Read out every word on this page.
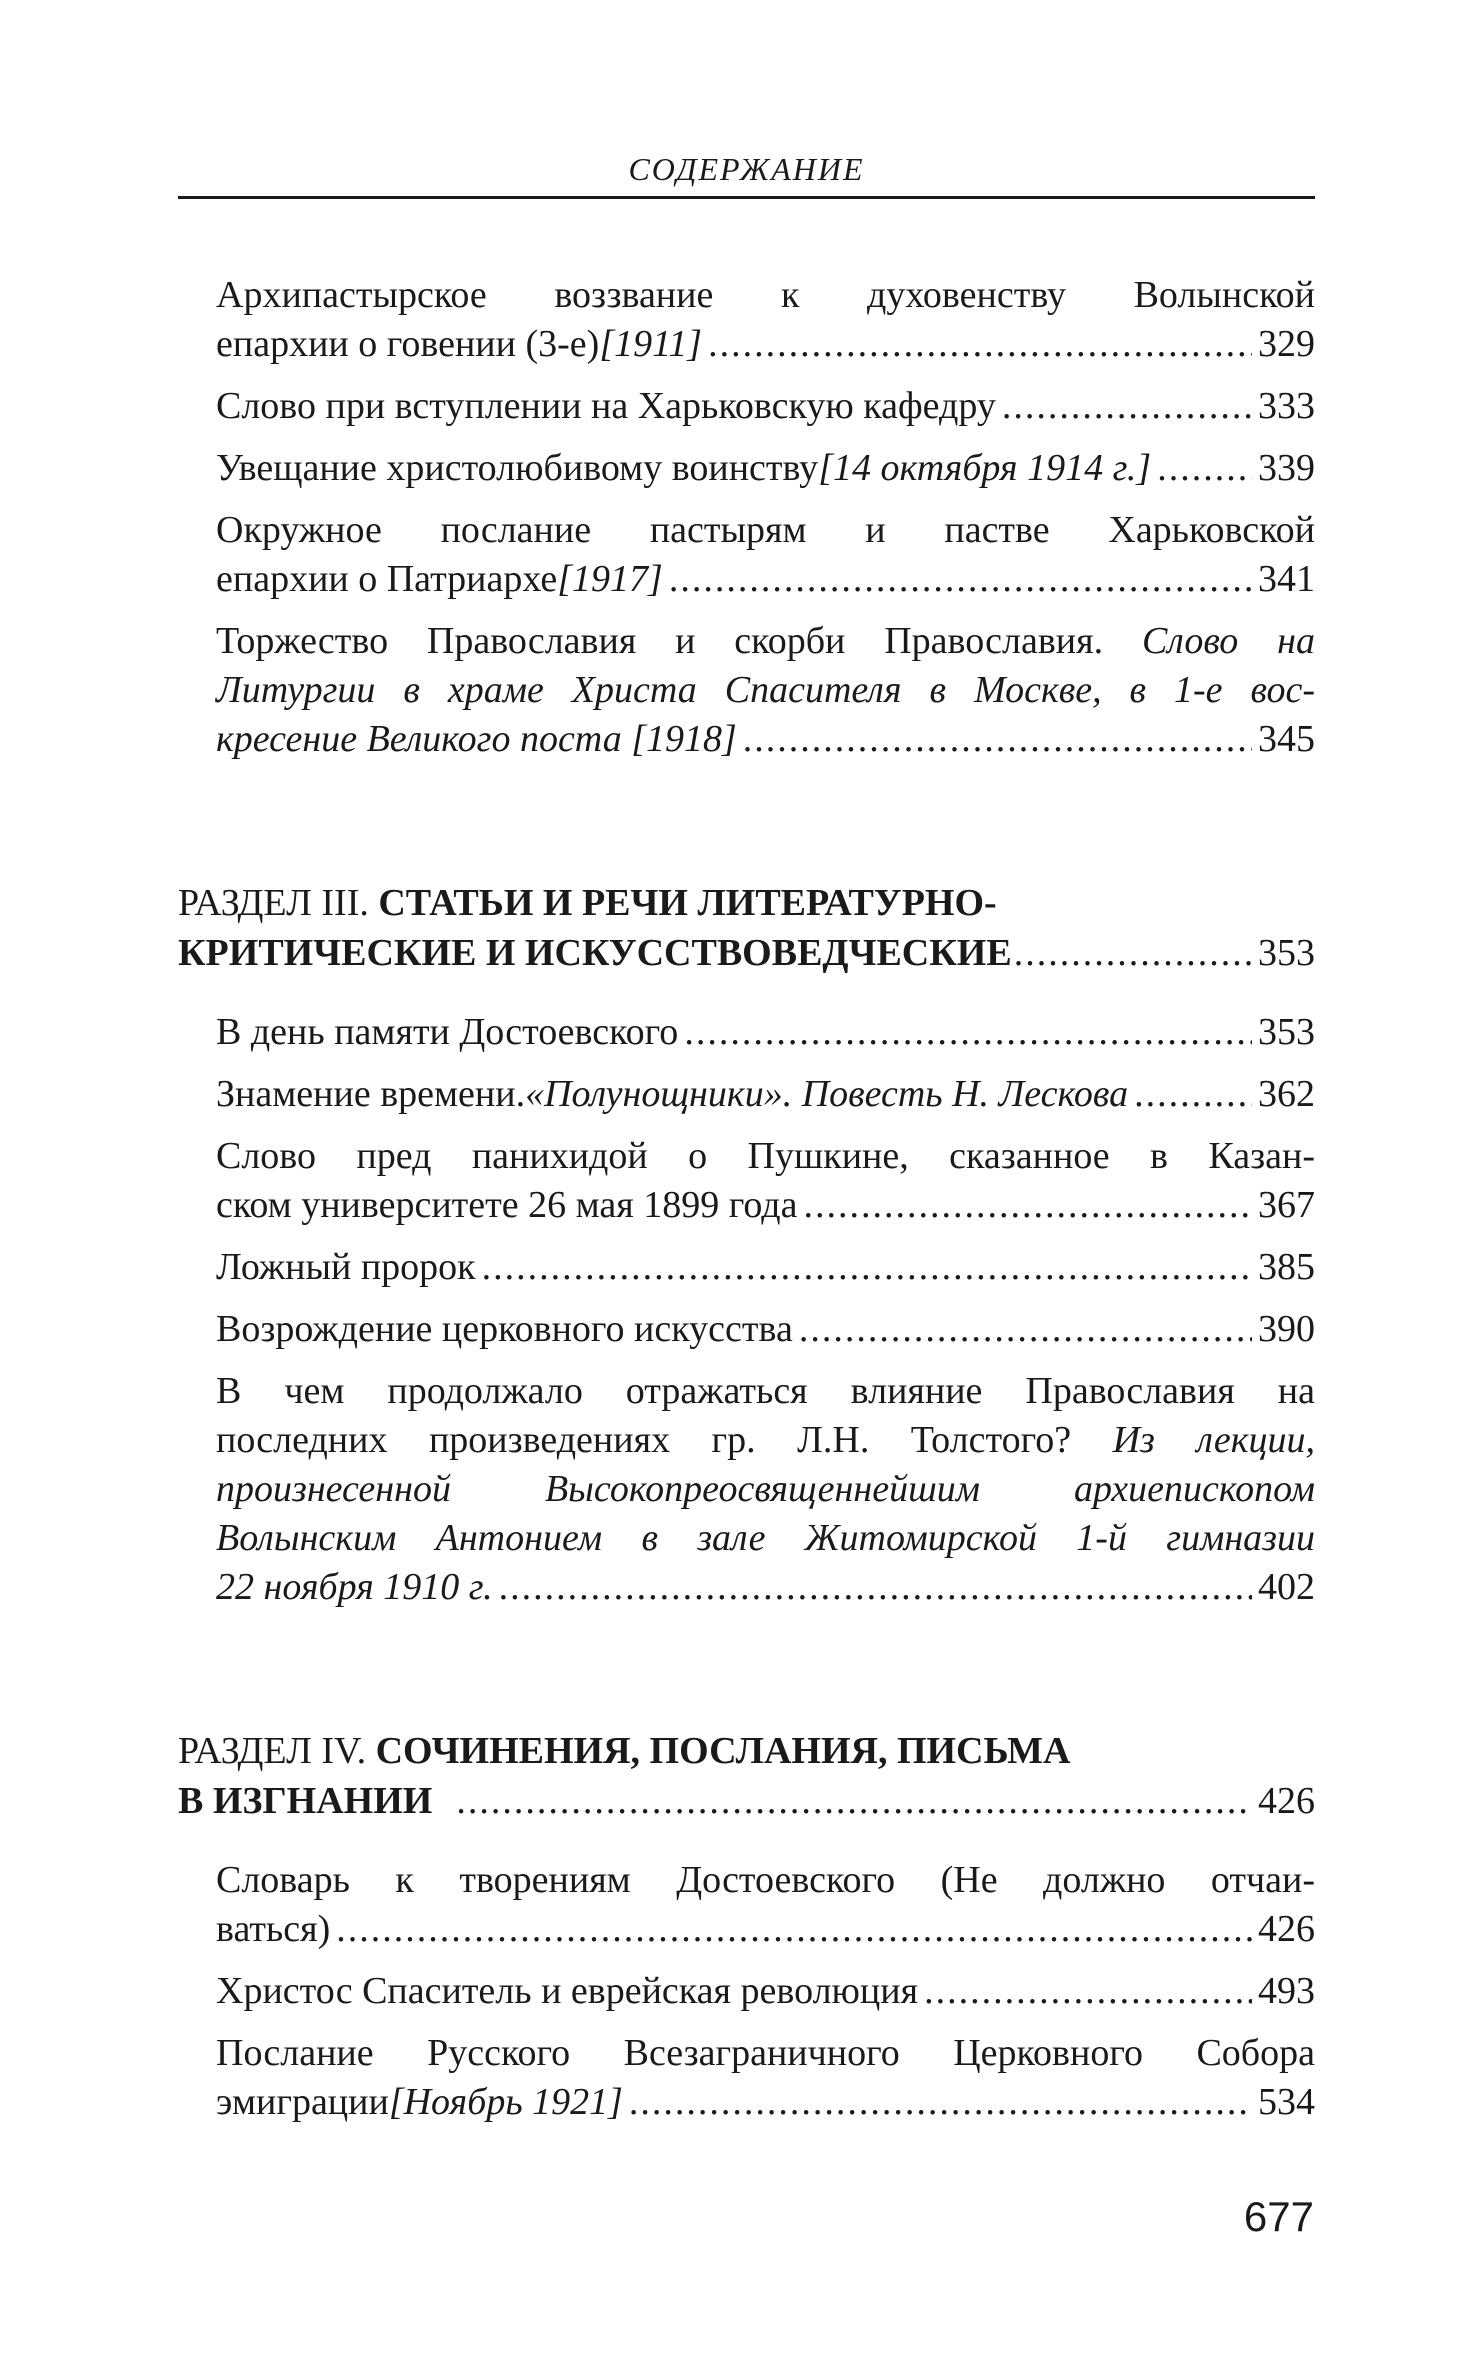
СОДЕРЖАНИЕ
Архипастырское воззвание к духовенству Волынской
епархии о говении (3-е) [1911] .....	329
Слово при вступлении на Харьковскую кафедру .....	333
Увещание христолюбивому воинству [14 октября 1914 г.] .....	339
Окружное послание пастырям и пастве Харьковской
епархии о Патриархе [1917] .....	341
Торжество Православия и скорби Православия. Слово на
Литургии в храме Христа Спасителя в Москве, в 1-е вос-
кресение Великого поста [1918] .....	345
РАЗДЕЛ III. СТАТЬИ И РЕЧИ ЛИТЕРАТУРНО-
КРИТИЧЕСКИЕ И ИСКУССТВОВЕДЧЕСКИЕ .....	353
В день памяти Достоевского .....	353
Знамение времени. «Полунощники». Повесть Н. Лескова .....	362
Слово пред панихидой о Пушкине, сказанное в Казан-
ском университете 26 мая 1899 года .....	367
Ложный пророк .....	385
Возрождение церковного искусства .....	390
В чем продолжало отражаться влияние Православия на
последних произведениях гр. Л.Н. Толстого? Из лекции,
произнесенной Высокопреосвященнейшим архиепископом
Волынским Антонием в зале Житомирской 1-й гимназии
22 ноября 1910 г. .....	402
РАЗДЕЛ IV. СОЧИНЕНИЯ, ПОСЛАНИЯ, ПИСЬМА
В ИЗГНАНИИ .....	426
Словарь к творениям Достоевского (Не должно отчаи-
ваться) .....	426
Христос Спаситель и еврейская революция .....	493
Послание Русского Всезаграничного Церковного Собора
эмиграции [Ноябрь 1921] .....	534
677
